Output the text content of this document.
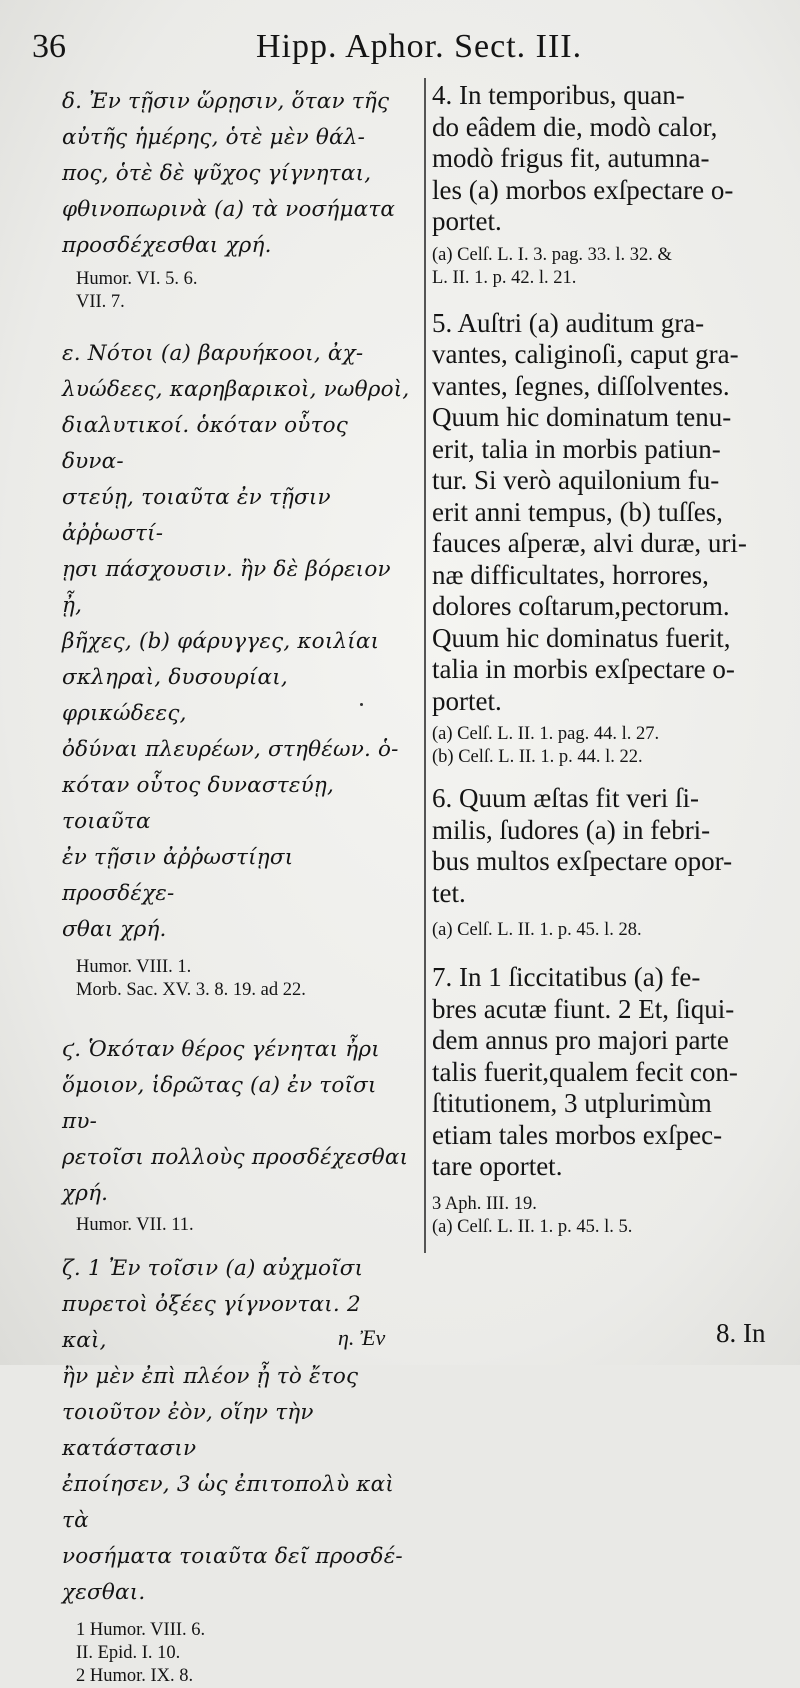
36	Hipp. Aphor. Sect. III.

δ. Ἐν τῇσιν ὥρῃσιν, ὅταν τῆς
αὐτῆς ἡμέρης, ὁτὲ μὲν θάλ-
πος, ὁτὲ δὲ ψῦχος γίγνηται,
φθινοπωρινὰ (a) τὰ νοσήματα
προσδέχεσθαι χρή.

Humor. VI. 5. 6.
VII. 7.

ε. Νότοι (a) βαρυήκοοι, ἀχ-
λυώδεες, καρηβαρικοὶ, νωθροὶ,
διαλυτικοί. ὁκόταν οὗτος δυνα-
στεύῃ, τοιαῦτα ἐν τῇσιν ἀῤῥωστί-
ῃσι πάσχουσιν. ἢν δὲ βόρειον ᾖ,
βῆχες, (b) φάρυγγες, κοιλίαι
σκληραὶ, δυσουρίαι, φρικώδεες,
ὀδύναι πλευρέων, στηθέων. ὁ-
κόταν οὗτος δυναστεύῃ, τοιαῦτα
ἐν τῇσιν ἀῤῥωστίῃσι προσδέχε-
σθαι χρή.

Humor. VIII. 1.
Morb. Sac. XV. 3. 8. 19. ad 22.

ϛ. Ὁκόταν θέρος γένηται ἦρι
ὅμοιον, ἱδρῶτας (a) ἐν τοῖσι πυ-
ρετοῖσι πολλοὺς προσδέχεσθαι
χρή.

Humor. VII. 11.

ζ. 1 Ἐν τοῖσιν (a) αὐχμοῖσι
πυρετοὶ ὀξέες γίγνονται. 2 καὶ,
ἢν μὲν ἐπὶ πλέον ᾖ τὸ ἔτος
τοιοῦτον ἐὸν, οἵην τὴν κατάστασιν
ἐποίησεν, 3 ὡς ἐπιτοπολὺ καὶ τὰ
νοσήματα τοιαῦτα δεῖ προσδέ-
χεσθαι.

1 Humor. VIII. 6.
II. Epid. I. 10.
2 Humor. IX. 8.

η. Ἐν

4. In temporibus, quan-
do eâdem die, modò calor,
modò frigus fit, autumna-
les (a) morbos exſpectare o-
portet.

(a) Celſ. L. I. 3. pag. 33. l. 32. &
L. II. 1. p. 42. l. 21.

5. Auſtri (a) auditum gra-
vantes, caliginoſi, caput gra-
vantes, ſegnes, diſſolventes.
Quum hic dominatum tenu-
erit, talia in morbis patiun-
tur. Si verò aquilonium fu-
erit anni tempus, (b) tuſſes,
fauces aſperæ, alvi duræ, uri-
næ difficultates, horrores,
dolores coſtarum,pectorum.
Quum hic dominatus fuerit,
talia in morbis exſpectare o-
portet.

(a) Celſ. L. II. 1. pag. 44. l. 27.
(b) Celſ. L. II. 1. p. 44. l. 22.

6. Quum æſtas fit veri ſi-
milis, ſudores (a) in febri-
bus multos exſpectare opor-
tet.

(a) Celſ. L. II. 1. p. 45. l. 28.

7. In 1 ſiccitatibus (a) fe-
bres acutæ fiunt. 2 Et, ſiqui-
dem annus pro majori parte
talis fuerit,qualem fecit con-
ſtitutionem, 3 utplurimùm
etiam tales morbos exſpec-
tare oportet.

3 Aph. III. 19.
(a) Celſ. L. II. 1. p. 45. l. 5.

8. In
